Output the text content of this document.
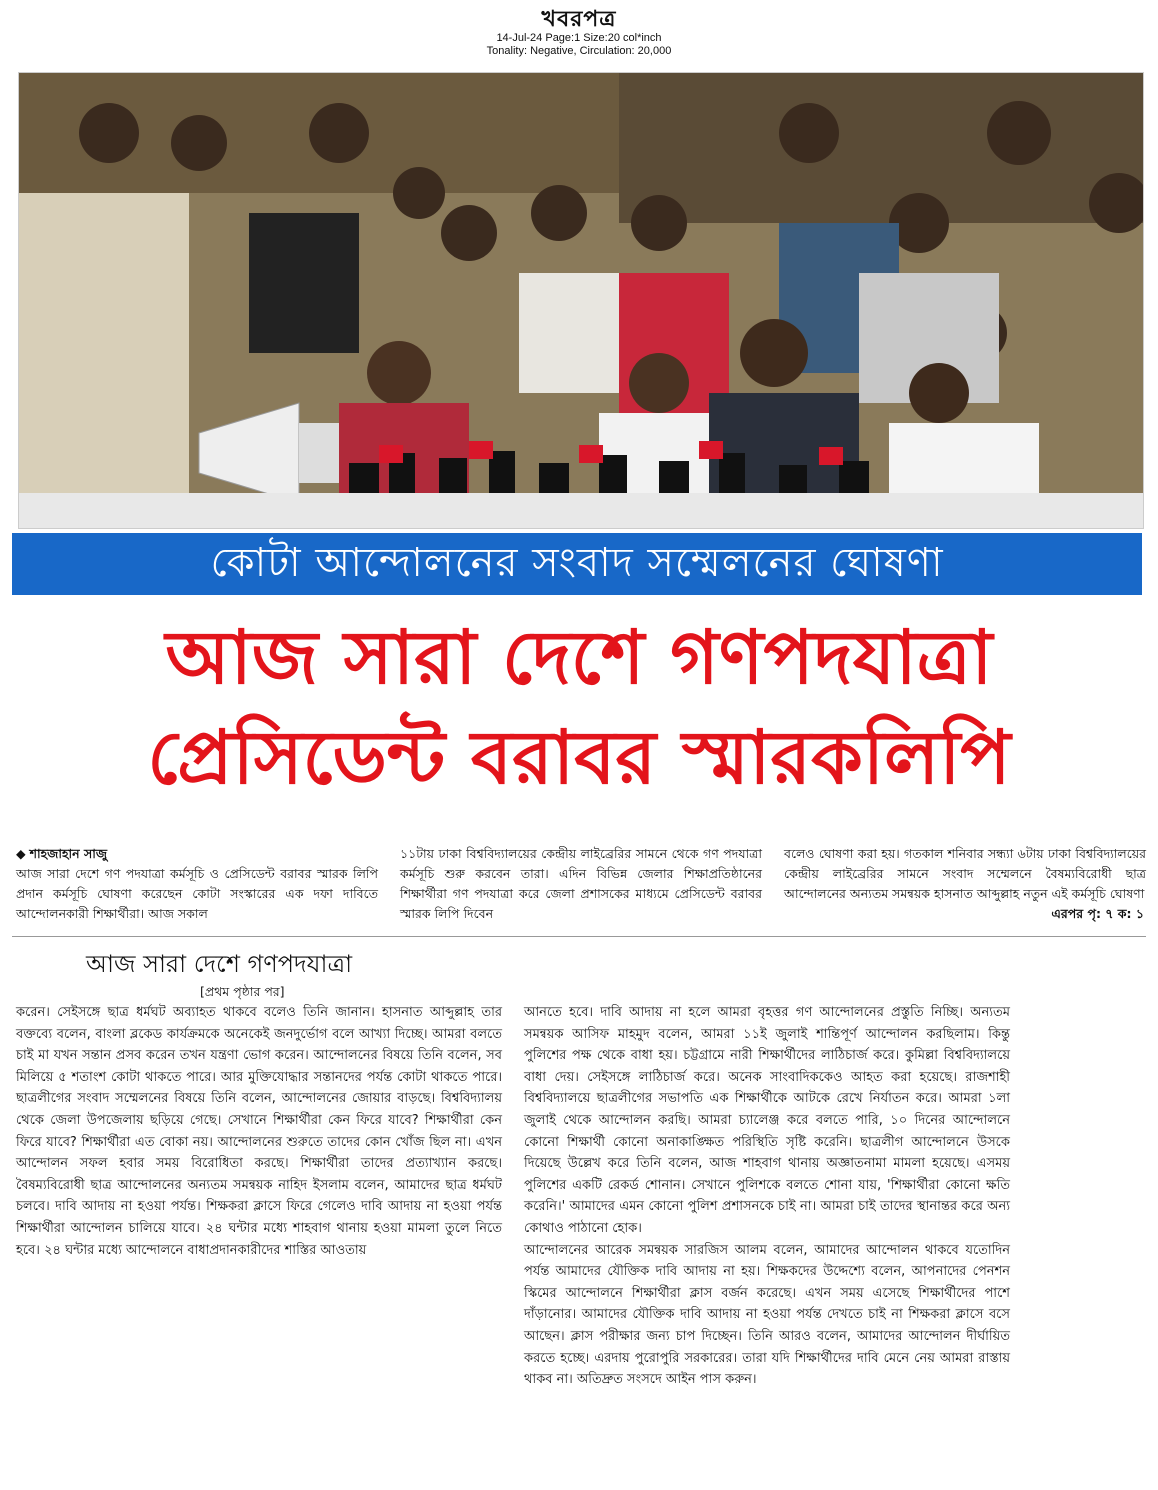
খবরপত্র
14-Jul-24 Page:1 Size:20 col*inch
Tonality: Negative, Circulation: 20,000
কোটা আন্দোলনের সংবাদ সম্মেলনের ঘোষণা
আজ সারা দেশে গণপদযাত্রা
প্রেসিডেন্ট বরাবর স্মারকলিপি
◆ শাহজাহান সাজু
আজ সারা দেশে গণ পদযাত্রা কর্মসূচি ও প্রেসিডেন্ট বরাবর স্মারক লিপি প্রদান কর্মসূচি ঘোষণা করেছেন কোটা সংস্কারের এক দফা দাবিতে আন্দোলনকারী শিক্ষার্থীরা। আজ সকাল
১১টায় ঢাকা বিশ্ববিদ্যালয়ের কেন্দ্রীয় লাইব্রেরির সামনে থেকে গণ পদযাত্রা কর্মসূচি শুরু করবেন তারা। এদিন বিভিন্ন জেলার শিক্ষাপ্রতিষ্ঠানের শিক্ষার্থীরা গণ পদযাত্রা করে জেলা প্রশাসকের মাধ্যমে প্রেসিডেন্ট বরাবর স্মারক লিপি দিবেন
বলেও ঘোষণা করা হয়। গতকাল শনিবার সন্ধ্যা ৬টায় ঢাকা বিশ্ববিদ্যালয়ের কেন্দ্রীয় লাইব্রেরির সামনে সংবাদ সম্মেলনে বৈষম্যবিরোধী ছাত্র আন্দোলনের অন্যতম সমন্বয়ক হাসনাত আব্দুল্লাহ নতুন এই কর্মসূচি ঘোষণা
এরপর পৃ: ৭ ক: ১
আজ সারা দেশে গণপদযাত্রা
[প্রথম পৃষ্ঠার পর]

করেন। সেইসঙ্গে ছাত্র ধর্মঘট অব্যাহত থাকবে বলেও তিনি জানান। হাসনাত আব্দুল্লাহ তার বক্তব্যে বলেন, বাংলা ব্লকেড কার্যক্রমকে অনেকেই জনদুর্ভোগ বলে আখ্যা দিচ্ছে। আমরা বলতে চাই মা যখন সন্তান প্রসব করেন তখন যন্ত্রণা ভোগ করেন। আন্দোলনের বিষয়ে তিনি বলেন, সব মিলিয়ে ৫ শতাংশ কোটা থাকতে পারে। আর মুক্তিযোদ্ধার সন্তানদের পর্যন্ত কোটা থাকতে পারে। ছাত্রলীগের সংবাদ সম্মেলনের বিষয়ে তিনি বলেন, আন্দোলনের জোয়ার বাড়ছে। বিশ্ববিদ্যালয় থেকে জেলা উপজেলায় ছড়িয়ে গেছে। সেখানে শিক্ষার্থীরা কেন ফিরে যাবে? শিক্ষার্থীরা কেন ফিরে যাবে? শিক্ষার্থীরা এত বোকা নয়। আন্দোলনের শুরুতে তাদের কোন খোঁজ ছিল না। এখন আন্দোলন সফল হবার সময় বিরোধিতা করছে। শিক্ষার্থীরা তাদের প্রত্যাখ্যান করছে। বৈষম্যবিরোধী ছাত্র আন্দোলনের অন্যতম সমন্বয়ক নাহিদ ইসলাম বলেন, আমাদের ছাত্র ধর্মঘট চলবে। দাবি আদায় না হওয়া পর্যন্ত। শিক্ষকরা ক্লাসে ফিরে গেলেও দাবি আদায় না হওয়া পর্যন্ত শিক্ষার্থীরা আন্দোলন চালিয়ে যাবে। ২৪ ঘন্টার মধ্যে শাহবাগ থানায় হওয়া মামলা তুলে নিতে হবে। ২৪ ঘন্টার মধ্যে আন্দোলনে বাধাপ্রদানকারীদের শাস্তির আওতায়

আনতে হবে। দাবি আদায় না হলে আমরা বৃহত্তর গণ আন্দোলনের প্রস্তুতি নিচ্ছি। অন্যতম সমন্বয়ক আসিফ মাহমুদ বলেন, আমরা ১১ই জুলাই শান্তিপূর্ণ আন্দোলন করছিলাম। কিন্তু পুলিশের পক্ষ থেকে বাধা হয়। চট্টগ্রামে নারী শিক্ষার্থীদের লাঠিচার্জ করে। কুমিল্লা বিশ্ববিদ্যালয়ে বাধা দেয়। সেইসঙ্গে লাঠিচার্জ করে। অনেক সাংবাদিককেও আহত করা হয়েছে। রাজশাহী বিশ্ববিদ্যালয়ে ছাত্রলীগের সভাপতি এক শিক্ষার্থীকে আটকে রেখে নির্যাতন করে। আমরা ১লা জুলাই থেকে আন্দোলন করছি। আমরা চ্যালেঞ্জ করে বলতে পারি, ১০ দিনের আন্দোলনে কোনো শিক্ষার্থী কোনো অনাকাঙ্ক্ষিত পরিস্থিতি সৃষ্টি করেনি। ছাত্রলীগ আন্দোলনে উসকে দিয়েছে উল্লেখ করে তিনি বলেন, আজ শাহবাগ থানায় অজ্ঞাতনামা মামলা হয়েছে। এসময় পুলিশের একটি রেকর্ড শোনান। সেখানে পুলিশকে বলতে শোনা যায়, 'শিক্ষার্থীরা কোনো ক্ষতি করেনি।' আমাদের এমন কোনো পুলিশ প্রশাসনকে চাই না। আমরা চাই তাদের স্থানান্তর করে অন্য কোথাও পাঠানো হোক।

আন্দোলনের আরেক সমন্বয়ক সারজিস আলম বলেন, আমাদের আন্দোলন থাকবে যতোদিন পর্যন্ত আমাদের যৌক্তিক দাবি আদায় না হয়। শিক্ষকদের উদ্দেশ্যে বলেন, আপনাদের পেনশন স্কিমের আন্দোলনে শিক্ষার্থীরা ক্লাস বর্জন করেছে। এখন সময় এসেছে শিক্ষার্থীদের পাশে দাঁড়ানোর। আমাদের যৌক্তিক দাবি আদায় না হওয়া পর্যন্ত দেখতে চাই না শিক্ষকরা ক্লাসে বসে আছেন। ক্লাস পরীক্ষার জন্য চাপ দিচ্ছেন। তিনি আরও বলেন, আমাদের আন্দোলন দীর্ঘায়িত করতে হচ্ছে। এরদায় পুরোপুরি সরকারের। তারা যদি শিক্ষার্থীদের দাবি মেনে নেয় আমরা রাস্তায় থাকব না। অতিদ্রুত সংসদে আইন পাস করুন।
